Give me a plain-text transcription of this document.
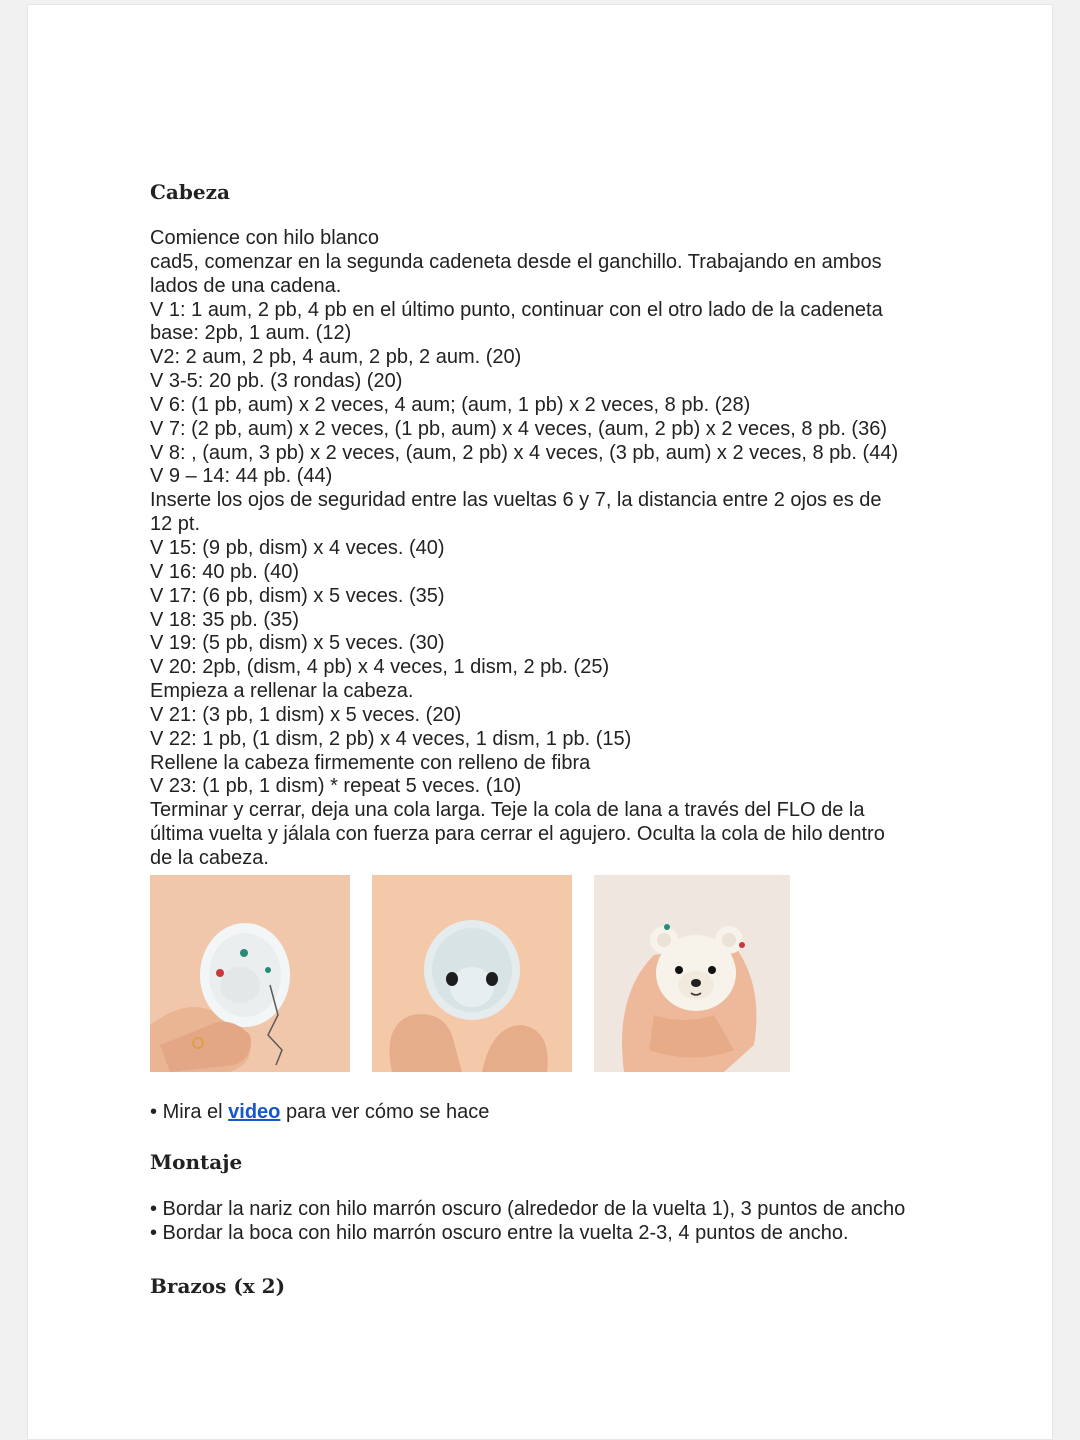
Cabeza
Comience con hilo blanco
cad5, comenzar en la segunda cadeneta desde el ganchillo. Trabajando en ambos
lados de una cadena.
V 1: 1 aum, 2 pb, 4 pb en el último punto, continuar con el otro lado de la cadeneta
base: 2pb, 1 aum. (12)
V2: 2 aum, 2 pb, 4 aum, 2 pb, 2 aum. (20)
V 3-5: 20 pb. (3 rondas) (20)
V 6: (1 pb, aum) x 2 veces, 4 aum; (aum, 1 pb) x 2 veces, 8 pb. (28)
V 7: (2 pb, aum) x 2 veces, (1 pb, aum) x 4 veces, (aum, 2 pb) x 2 veces, 8 pb. (36)
V 8: , (aum, 3 pb) x 2 veces, (aum, 2 pb) x 4 veces, (3 pb, aum) x 2 veces, 8 pb. (44)
V 9 – 14: 44 pb. (44)
Inserte los ojos de seguridad entre las vueltas 6 y 7, la distancia entre 2 ojos es de
12 pt.
V 15: (9 pb, dism) x 4 veces. (40)
V 16: 40 pb. (40)
V 17: (6 pb, dism) x 5 veces. (35)
V 18: 35 pb. (35)
V 19: (5 pb, dism) x 5 veces. (30)
V 20: 2pb, (dism, 4 pb) x 4 veces, 1 dism, 2 pb. (25)
Empieza a rellenar la cabeza.
V 21: (3 pb, 1 dism) x 5 veces. (20)
V 22: 1 pb, (1 dism, 2 pb) x 4 veces, 1 dism, 1 pb. (15)
Rellene la cabeza firmemente con relleno de fibra
V 23: (1 pb, 1 dism) * repeat 5 veces. (10)
Terminar y cerrar, deja una cola larga. Teje la cola de lana a través del FLO de la
última vuelta y jálala con fuerza para cerrar el agujero. Oculta la cola de hilo dentro
de la cabeza.
• Mira el video para ver cómo se hace
Montaje
• Bordar la nariz con hilo marrón oscuro (alrededor de la vuelta 1), 3 puntos de ancho
• Bordar la boca con hilo marrón oscuro entre la vuelta 2-3, 4 puntos de ancho.
Brazos (x 2)
